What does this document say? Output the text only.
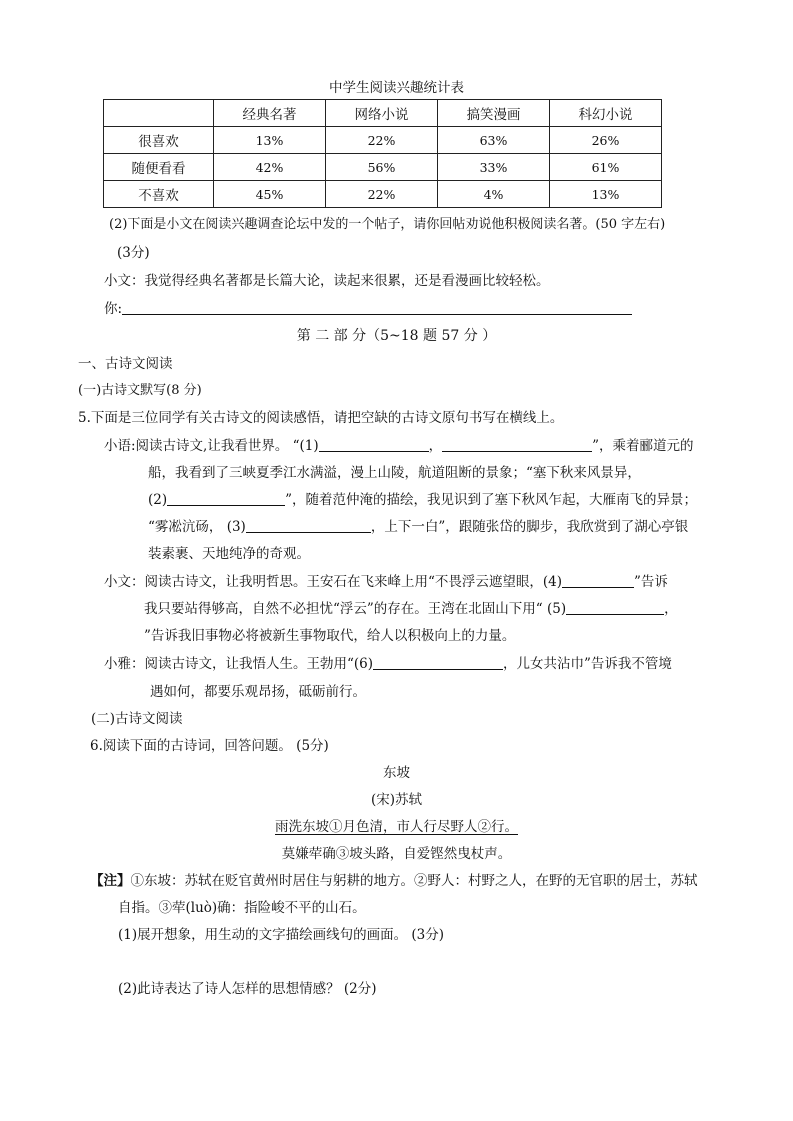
中学生阅读兴趣统计表
	经典名著	网络小说	搞笑漫画	科幻小说
很喜欢	13%	22%	63%	26%
随便看看	42%	56%	33%	61%
不喜欢	45%	22%	4%	13%
(2)下面是小文在阅读兴趣调查论坛中发的一个帖子，请你回帖劝说他积极阅读名著。(50 字左右)
(3分)
小文：我觉得经典名著都是长篇大论，读起来很累，还是看漫画比较轻松。
你:
第 二 部 分（5~18 题 57 分 ）
一、古诗文阅读
(一)古诗文默写(8 分)
5.下面是三位同学有关古诗文的阅读感悟，请把空缺的古诗文原句书写在横线上。
小语:阅读古诗文,让我看世界。 “(1)	，	”，乘着郦道元的
船，我看到了三峡夏季江水满溢，漫上山陵，航道阻断的景象；“塞下秋来风景异，
(2)	”，随着范仲淹的描绘，我见识到了塞下秋风乍起，大雁南飞的异景；
“雾凇沆砀， (3)	，上下一白”，跟随张岱的脚步，我欣赏到了湖心亭银
装素裹、天地纯净的奇观。
小文：阅读古诗文，让我明哲思。王安石在飞来峰上用“不畏浮云遮望眼，(4)	”告诉
我只要站得够高，自然不必担忧“浮云”的存在。王湾在北固山下用“ (5)	，
”告诉我旧事物必将被新生事物取代，给人以积极向上的力量。
小雅：阅读古诗文，让我悟人生。王勃用“(6)	，儿女共沾巾”告诉我不管境
遇如何，都要乐观昂扬，砥砺前行。
(二)古诗文阅读
6.阅读下面的古诗词，回答问题。 (5分)
东坡
(宋)苏轼
雨洗东坡①月色清，市人行尽野人②行。
莫嫌荦确③坡头路，自爱铿然曳杖声。
【注】①东坡：苏轼在贬官黄州时居住与躬耕的地方。②野人：村野之人，在野的无官职的居士，苏轼
自指。③荦(luò)确：指险峻不平的山石。
(1)展开想象，用生动的文字描绘画线句的画面。 (3分)
(2)此诗表达了诗人怎样的思想情感？ (2分)
